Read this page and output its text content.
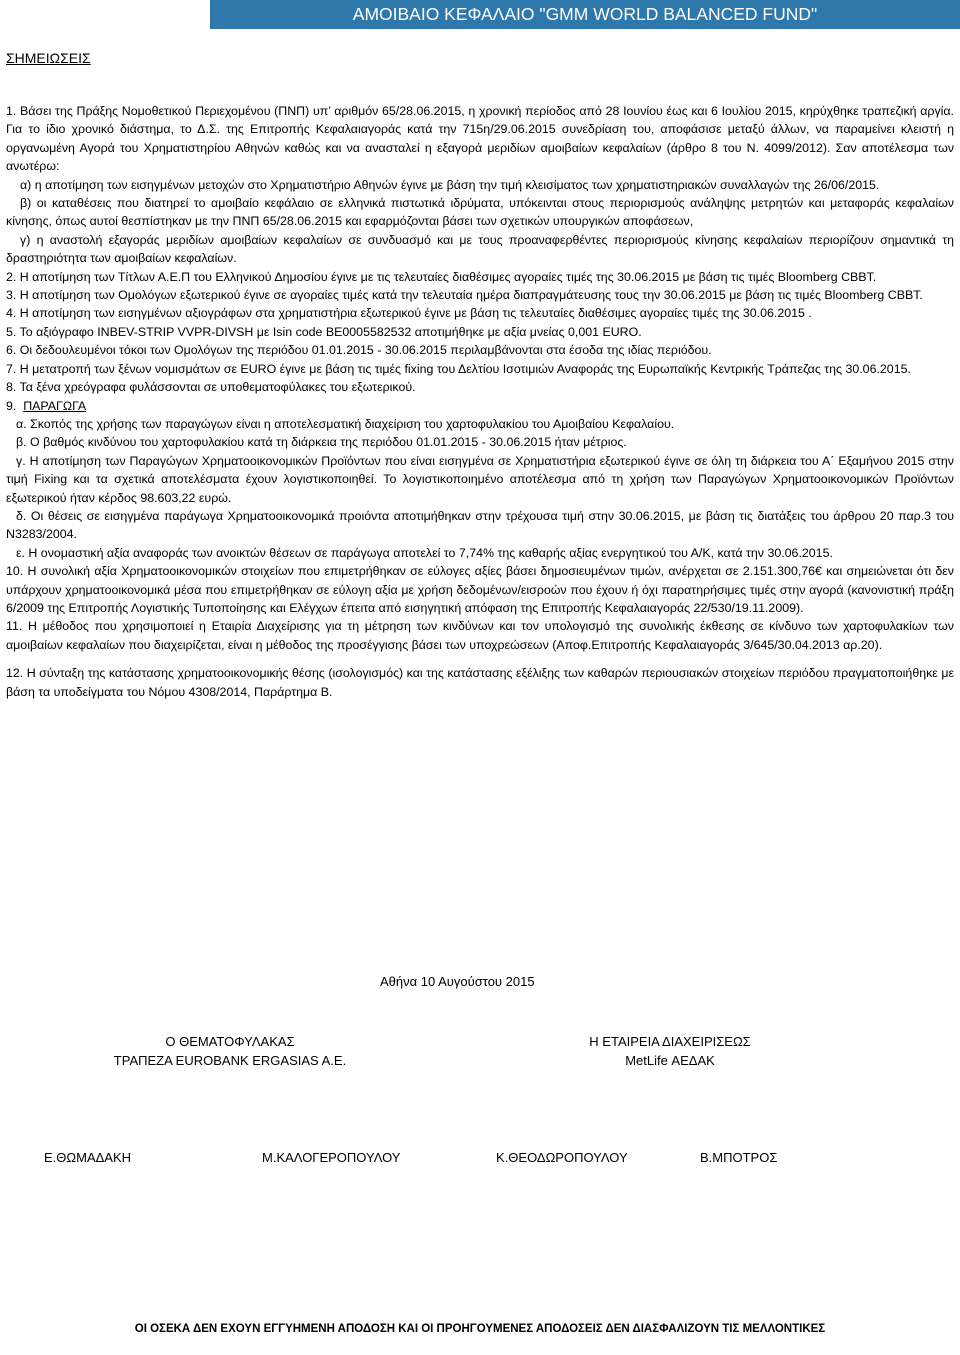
ΑΜΟΙΒΑΙΟ ΚΕΦΑΛΑΙΟ "GMM WORLD BALANCED FUND"
ΣΗΜΕΙΩΣΕΙΣ

1. Βάσει της Πράξης Νομοθετικού Περιεχομένου (ΠΝΠ) υπ’ αριθμόν 65/28.06.2015, η χρονική περίοδος από 28 Ιουνίου έως και 6 Ιουλίου 2015, κηρύχθηκε τραπεζική αργία. Για το ίδιο χρονικό διάστημα, το Δ.Σ. της Επιτροπής Κεφαλαιαγοράς κατά την 715η/29.06.2015 συνεδρίαση του, αποφάσισε μεταξύ άλλων, να παραμείνει κλειστή η οργανωμένη Αγορά του Χρηματιστηρίου Αθηνών καθώς και να ανασταλεί η εξαγορά μεριδίων αμοιβαίων κεφαλαίων (άρθρο 8 του Ν. 4099/2012). Σαν αποτέλεσμα των ανωτέρω:

α) η αποτίμηση των εισηγμένων μετοχών στο Χρηματιστήριο Αθηνών έγινε με βάση την τιμή κλεισίματος των χρηματιστηριακών συναλλαγών της 26/06/2015.

β) οι καταθέσεις που διατηρεί το αμοιβαίο κεφάλαιο σε ελληνικά πιστωτικά ιδρύματα, υπόκεινται στους περιορισμούς ανάληψης μετρητών και μεταφοράς κεφαλαίων κίνησης, όπως αυτοί θεσπίστηκαν με την ΠΝΠ 65/28.06.2015 και εφαρμόζονται βάσει των σχετικών υπουργικών αποφάσεων,

γ) η αναστολή εξαγοράς μεριδίων αμοιβαίων κεφαλαίων σε συνδυασμό και με τους προαναφερθέντες περιορισμούς κίνησης κεφαλαίων περιορίζουν σημαντικά τη δραστηριότητα των αμοιβαίων κεφαλαίων.

2. Η αποτίμηση των Τίτλων Α.Ε.Π του Ελληνικού Δημοσίου έγινε με τις τελευταίες διαθέσιμες αγοραίες τιμές της 30.06.2015 με βάση τις τιμές Bloomberg CBBT.

3. Η αποτίμηση των Ομολόγων εξωτερικού έγινε σε αγοραίες τιμές κατά την τελευταία ημέρα διαπραγμάτευσης τους την 30.06.2015 με βάση τις τιμές Bloomberg CBBT.

4. Η αποτίμηση των εισηγμένων αξιογράφων στα χρηματιστήρια εξωτερικού έγινε με βάση τις τελευταίες διαθέσιμες αγοραίες τιμές της 30.06.2015 .

5. Το αξιόγραφο INBEV-STRIP VVPR-DIVSH με Isin code BE0005582532 αποτιμήθηκε με αξία μνείας 0,001 EURO.

6. Οι δεδουλευμένοι τόκοι των Ομολόγων της περιόδου 01.01.2015 - 30.06.2015 περιλαμβάνονται στα έσοδα της ιδίας περιόδου.

7. Η μετατροπή των ξένων νομισμάτων σε EURO έγινε με βάση τις τιμές fixing του Δελτίου Ισοτιμιών Αναφοράς της Ευρωπαϊκής Κεντρικής Τράπεζας της 30.06.2015.

8. Τα ξένα χρεόγραφα φυλάσσονται σε υποθεματοφύλακες του εξωτερικού.

9.  ΠΑΡΑΓΩΓΑ

α. Σκοπός της χρήσης των παραγώγων είναι η αποτελεσματική διαχείριση του χαρτοφυλακίου του Αμοιβαίου Κεφαλαίου.

β. Ο βαθμός κινδύνου του χαρτοφυλακίου κατά τη διάρκεια της περιόδου 01.01.2015 - 30.06.2015 ήταν μέτριος.

γ. Η αποτίμηση των Παραγώγων Χρηματοοικονομικών Προϊόντων που είναι εισηγμένα σε Χρηματιστήρια εξωτερικού έγινε σε όλη τη διάρκεια του Α΄ Εξαμήνου 2015 στην τιμή Fixing και τα σχετικά αποτελέσματα έχουν λογιστικοποιηθεί. Το λογιστικοποιημένο αποτέλεσμα από τη χρήση των Παραγώγων Χρηματοοικονομικών Προϊόντων εξωτερικού ήταν κέρδος 98.603,22 ευρώ.

δ. Οι θέσεις σε εισηγμένα παράγωγα Χρηματοοικονομικά προιόντα αποτιμήθηκαν στην τρέχουσα τιμή στην 30.06.2015, με βάση τις διατάξεις του άρθρου 20 παρ.3 του Ν3283/2004.

ε. Η ονομαστική αξία αναφοράς των ανοικτών θέσεων σε παράγωγα αποτελεί το 7,74% της καθαρής αξίας ενεργητικού του Α/Κ, κατά την 30.06.2015.

10. Η συνολική αξία Χρηματοοικονομικών στοιχείων που επιμετρήθηκαν σε εύλογες αξίες βάσει δημοσιευμένων τιμών, ανέρχεται σε 2.151.300,76€ και σημειώνεται ότι δεν υπάρχουν χρηματοοικονομικά μέσα που επιμετρήθηκαν σε εύλογη αξία με χρήση δεδομένων/εισροών που έχουν ή όχι παρατηρήσιμες τιμές στην αγορά (κανονιστική πράξη 6/2009 της Επιτροπής Λογιστικής Τυποποίησης και Ελέγχων έπειτα από εισηγητική απόφαση της Επιτροπής Κεφαλαιαγοράς 22/530/19.11.2009).

11. Η μέθοδος που χρησιμοποιεί η Εταιρία Διαχείρισης για τη μέτρηση των κινδύνων και τον υπολογισμό της συνολικής έκθεσης σε κίνδυνο των χαρτοφυλακίων των αμοιβαίων κεφαλαίων που διαχειρίζεται, είναι η μέθοδος της προσέγγισης βάσει των υποχρεώσεων (Αποφ.Επιτροπής Κεφαλαιαγοράς 3/645/30.04.2013 αρ.20).

12. Η σύνταξη της κατάστασης χρηματοοικονομικής θέσης (ισολογισμός) και της κατάστασης εξέλιξης των καθαρών περιουσιακών στοιχείων περιόδου πραγματοποιήθηκε με βάση τα υποδείγματα του Νόμου 4308/2014, Παράρτημα Β.

Αθήνα 10 Αυγούστου 2015
Ο ΘΕΜΑΤΟΦΥΛΑΚΑΣ
ΤΡΑΠΕΖΑ EUROBANK ERGASIAS A.E.
Η ΕΤΑΙΡΕΙΑ ΔΙΑΧΕΙΡΙΣΕΩΣ
MetLife ΑΕΔΑΚ
Ε.ΘΩΜΑΔΑΚΗ	Μ.ΚΑΛΟΓΕΡΟΠΟΥΛΟΥ	Κ.ΘΕΟΔΩΡΟΠΟΥΛΟΥ	Β.ΜΠΟΤΡΟΣ
ΟΙ ΟΣΕΚΑ ΔΕΝ ΕΧΟΥΝ ΕΓΓΥΗΜΕΝΗ ΑΠΟΔΟΣΗ ΚΑΙ ΟΙ ΠΡΟΗΓΟΥΜΕΝΕΣ ΑΠΟΔΟΣΕΙΣ ΔΕΝ ΔΙΑΣΦΑΛΙΖΟΥΝ ΤΙΣ ΜΕΛΛΟΝΤΙΚΕΣ
